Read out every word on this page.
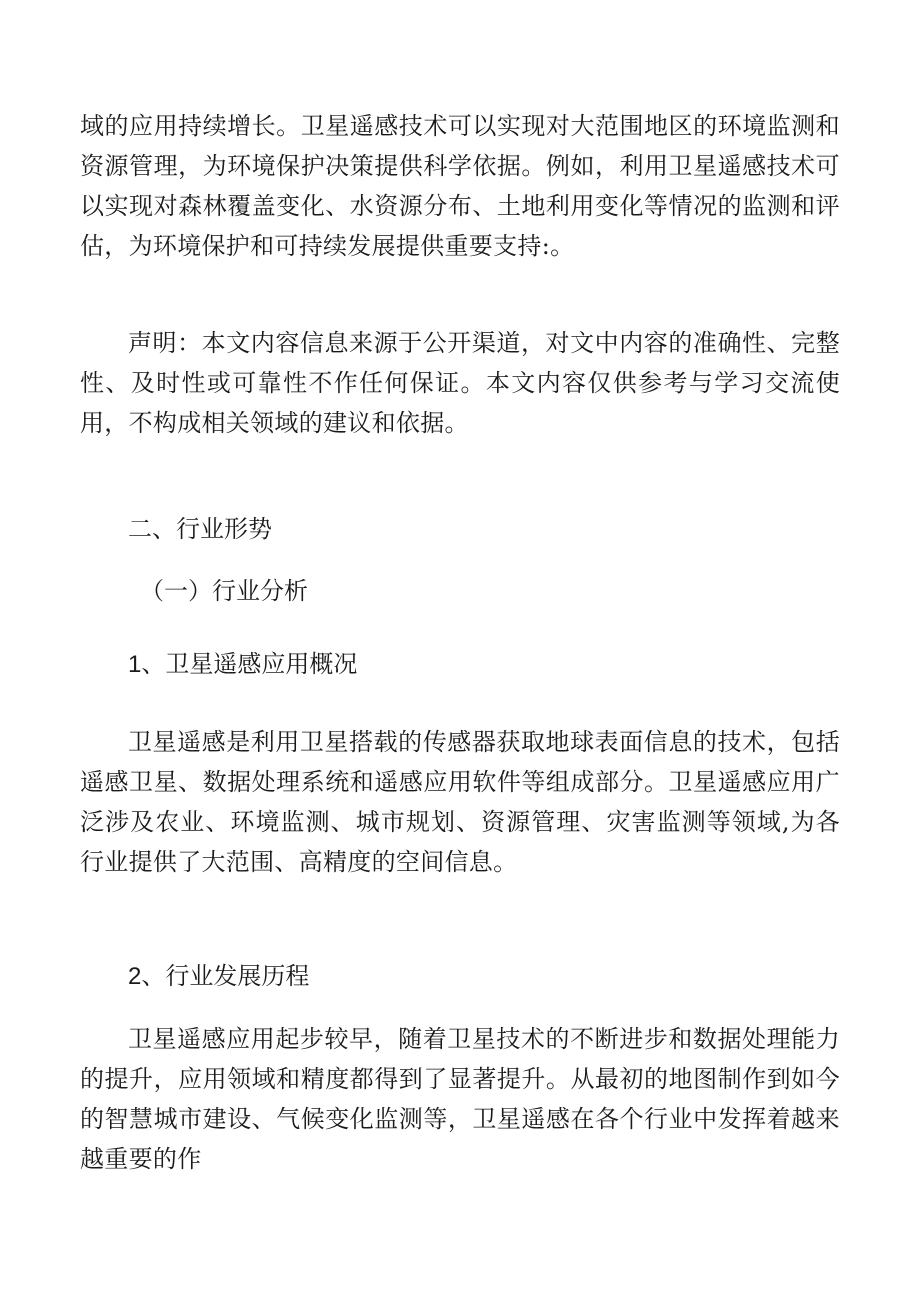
域的应用持续增长。卫星遥感技术可以实现对大范围地区的环境监测和资源管理，为环境保护决策提供科学依据。例如，利用卫星遥感技术可以实现对森林覆盖变化、水资源分布、土地利用变化等情况的监测和评估，为环境保护和可持续发展提供重要支持:。

声明：本文内容信息来源于公开渠道，对文中内容的准确性、完整性、及时性或可靠性不作任何保证。本文内容仅供参考与学习交流使用，不构成相关领域的建议和依据。

二、行业形势

（一）行业分析

1、卫星遥感应用概况

卫星遥感是利用卫星搭载的传感器获取地球表面信息的技术，包括遥感卫星、数据处理系统和遥感应用软件等组成部分。卫星遥感应用广泛涉及农业、环境监测、城市规划、资源管理、灾害监测等领域,为各行业提供了大范围、高精度的空间信息。

2、行业发展历程

卫星遥感应用起步较早，随着卫星技术的不断进步和数据处理能力的提升，应用领域和精度都得到了显著提升。从最初的地图制作到如今的智慧城市建设、气候变化监测等，卫星遥感在各个行业中发挥着越来越重要的作
